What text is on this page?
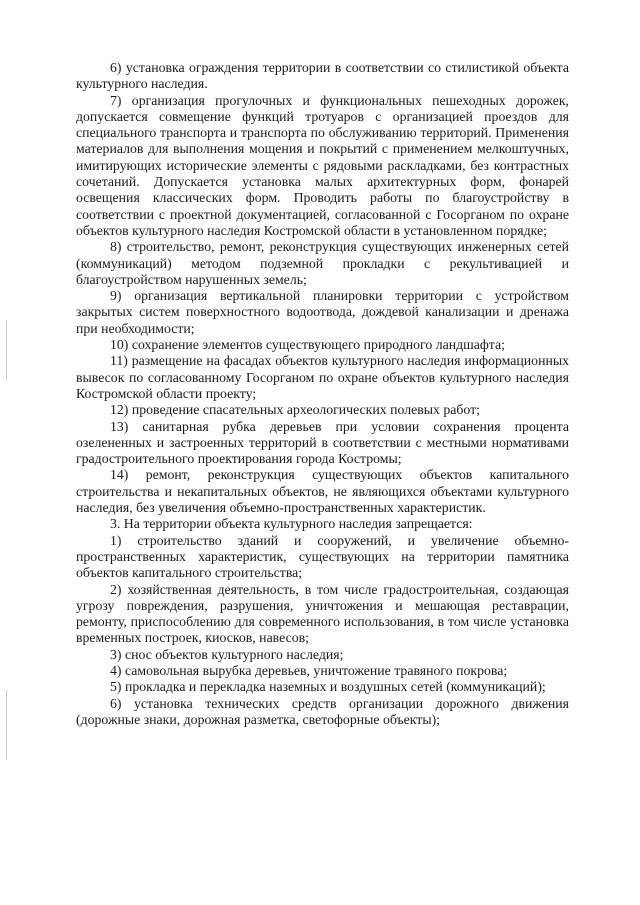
6) установка ограждения территории в соответствии со стилистикой объекта культурного наследия.

7) организация прогулочных и функциональных пешеходных дорожек, допускается совмещение функций тротуаров с организацией проездов для специального транспорта и транспорта по обслуживанию территорий. Применения материалов для выполнения мощения и покрытий с применением мелкоштучных, имитирующих исторические элементы с рядовыми раскладками, без контрастных сочетаний. Допускается установка малых архитектурных форм, фонарей освещения классических форм. Проводить работы по благоустройству в соответствии с проектной документацией, согласованной с Госорганом по охране объектов культурного наследия Костромской области в установленном порядке;

8) строительство, ремонт, реконструкция существующих инженерных сетей (коммуникаций) методом подземной прокладки с рекультивацией и благоустройством нарушенных земель;

9) организация вертикальной планировки территории с устройством закрытых систем поверхностного водоотвода, дождевой канализации и дренажа при необходимости;

10) сохранение элементов существующего природного ландшафта;

11) размещение на фасадах объектов культурного наследия информационных вывесок по согласованному Госорганом по охране объектов культурного наследия Костромской области проекту;

12) проведение спасательных археологических полевых работ;

13) санитарная рубка деревьев при условии сохранения процента озелененных и застроенных территорий в соответствии с местными нормативами градостроительного проектирования города Костромы;

14) ремонт, реконструкция существующих объектов капитального строительства и некапитальных объектов, не являющихся объектами культурного наследия, без увеличения объемно-пространственных характеристик.

3. На территории объекта культурного наследия запрещается:

1) строительство зданий и сооружений, и увеличение объемно-пространственных характеристик, существующих на территории памятника объектов капитального строительства;

2) хозяйственная деятельность, в том числе градостроительная, создающая угрозу повреждения, разрушения, уничтожения и мешающая реставрации, ремонту, приспособлению для современного использования, в том числе установка временных построек, киосков, навесов;

3) снос объектов культурного наследия;

4) самовольная вырубка деревьев, уничтожение травяного покрова;

5) прокладка и перекладка наземных и воздушных сетей (коммуникаций);

6) установка технических средств организации дорожного движения (дорожные знаки, дорожная разметка, светофорные объекты);
